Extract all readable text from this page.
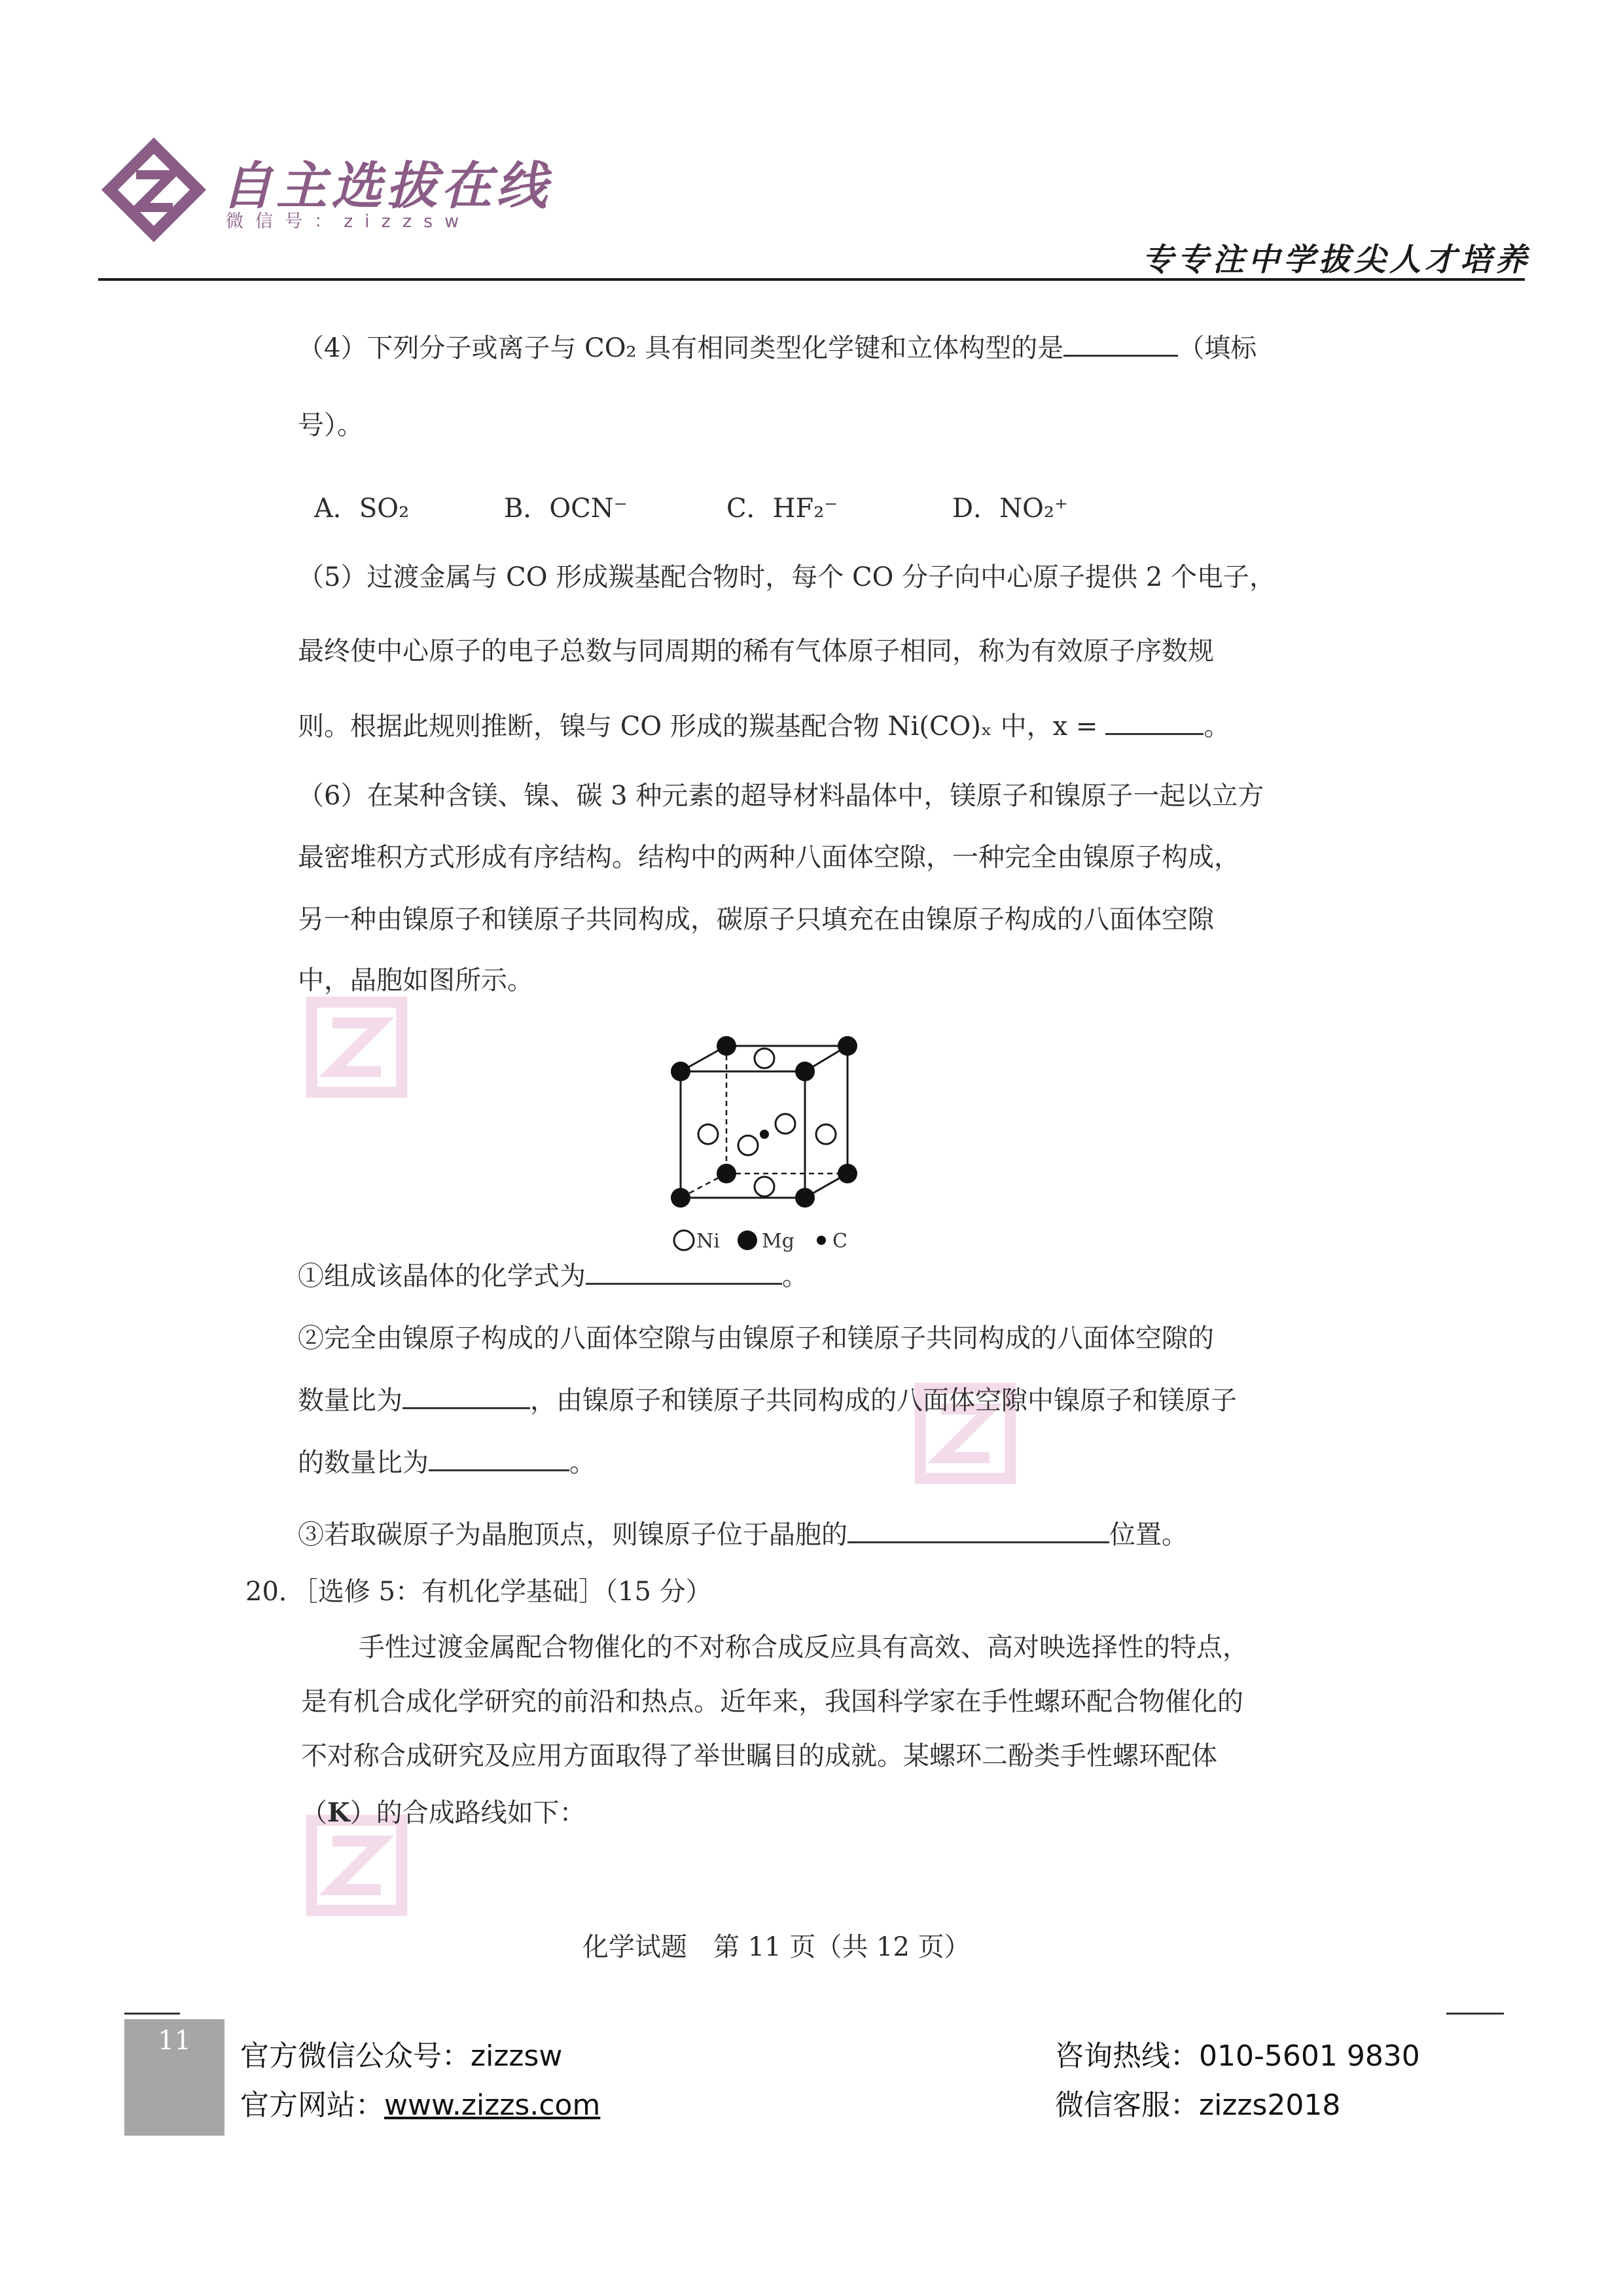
自主选拔在线
微信号：zizzsw
专专注中学拔尖人才培养
（4）下列分子或离子与 CO₂ 具有相同类型化学键和立体构型的是	（填标
号）。
A．SO₂	B．OCN⁻	C．HF₂⁻	D．NO₂⁺
（5）过渡金属与 CO 形成羰基配合物时，每个 CO 分子向中心原子提供 2 个电子，
最终使中心原子的电子总数与同周期的稀有气体原子相同，称为有效原子序数规
则。根据此规则推断，镍与 CO 形成的羰基配合物 Ni(CO)ₓ 中，x =	。
（6）在某种含镁、镍、碳 3 种元素的超导材料晶体中，镁原子和镍原子一起以立方
最密堆积方式形成有序结构。结构中的两种八面体空隙，一种完全由镍原子构成，
另一种由镍原子和镁原子共同构成，碳原子只填充在由镍原子构成的八面体空隙
中，晶胞如图所示。
Ni Mg C
①组成该晶体的化学式为	。
②完全由镍原子构成的八面体空隙与由镍原子和镁原子共同构成的八面体空隙的
数量比为	，由镍原子和镁原子共同构成的八面体空隙中镍原子和镁原子
的数量比为	。
③若取碳原子为晶胞顶点，则镍原子位于晶胞的	位置。
20．［选修 5：有机化学基础］（15 分）
手性过渡金属配合物催化的不对称合成反应具有高效、高对映选择性的特点，
是有机合成化学研究的前沿和热点。近年来，我国科学家在手性螺环配合物催化的
不对称合成研究及应用方面取得了举世瞩目的成就。某螺环二酚类手性螺环配体
（K）的合成路线如下：
化学试题　第 11 页（共 12 页）
11	官方微信公众号：zizzsw
官方网站：www.zizzs.com
咨询热线：010-5601 9830
微信客服：zizzs2018
